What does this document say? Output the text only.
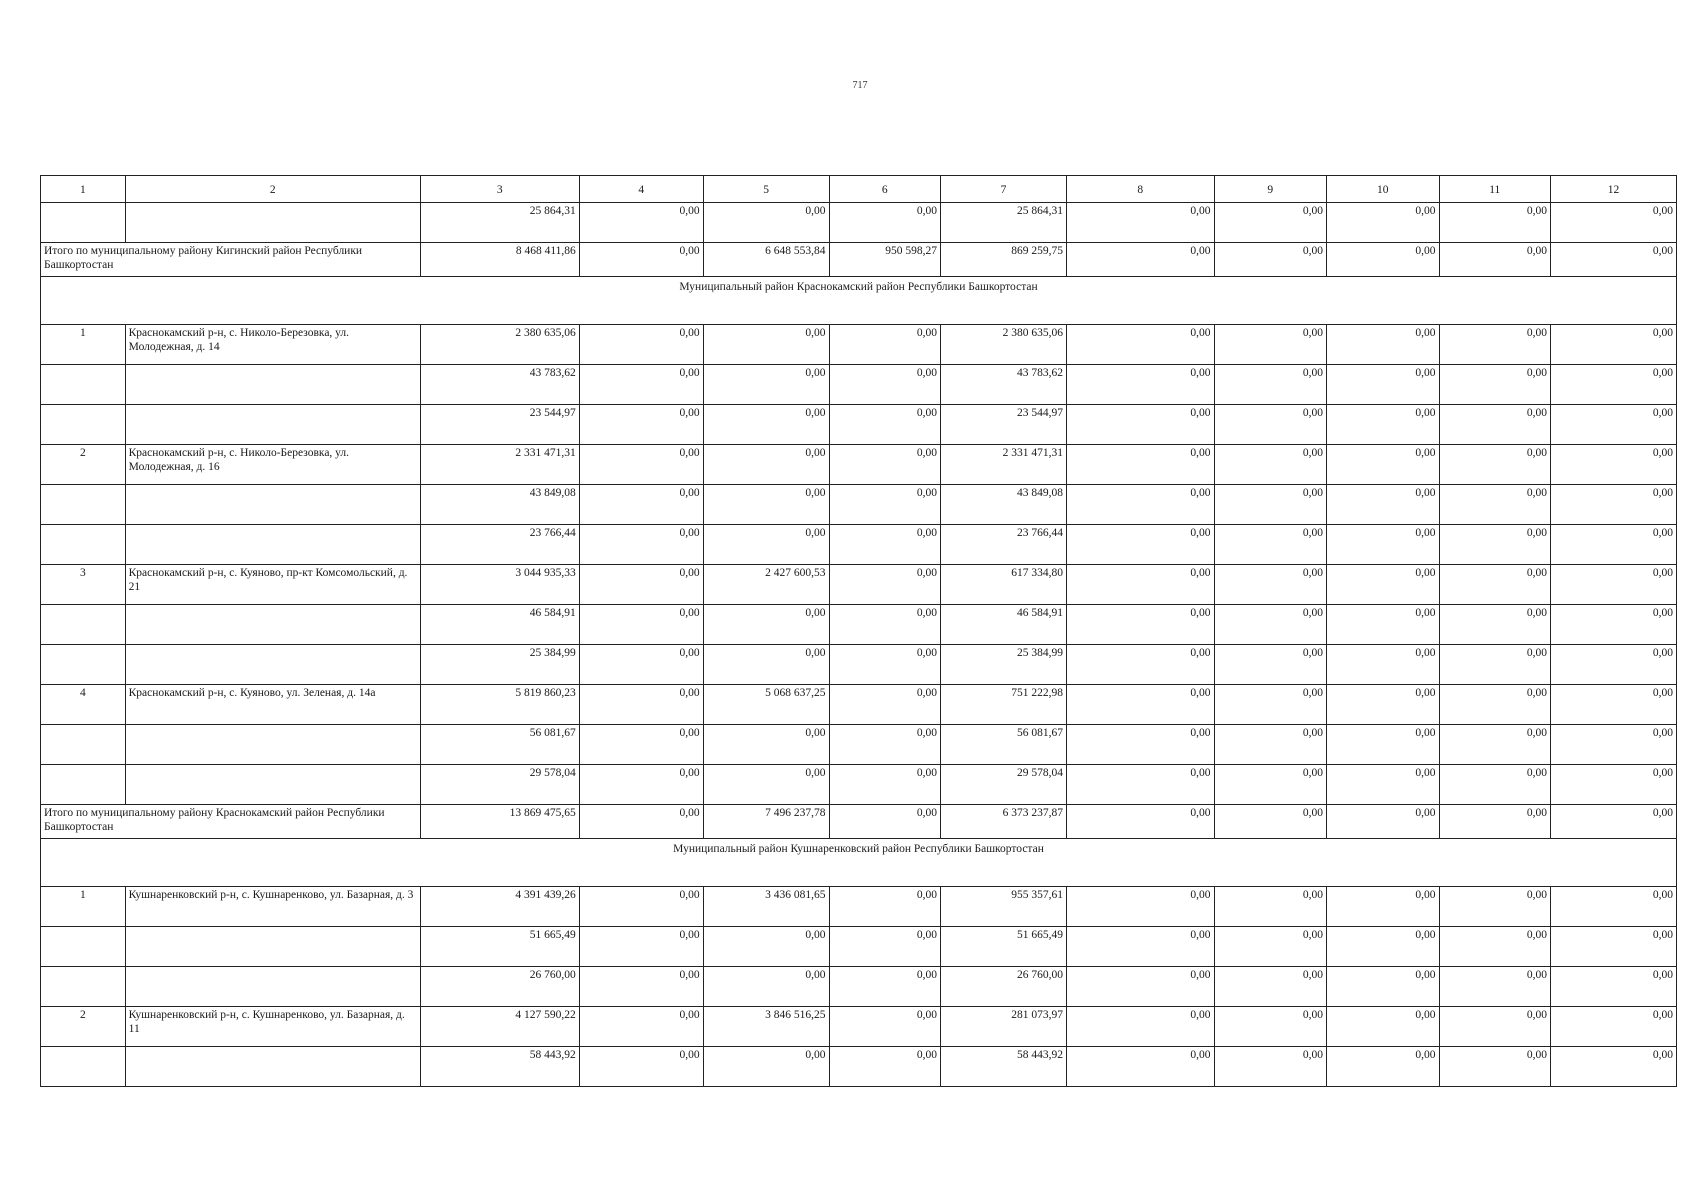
717
1	2	3	4	5	6	7	8	9	10	11	12
		25 864,31	0,00	0,00	0,00	25 864,31	0,00	0,00	0,00	0,00	0,00
Итого по муниципальному району Кигинский район Республики Башкортостан		8 468 411,86	0,00	6 648 553,84	950 598,27	869 259,75	0,00	0,00	0,00	0,00	0,00
Муниципальный район Краснокамский район Республики Башкортостан											
1	Краснокамский р-н, с. Николо-Березовка, ул. Молодежная, д. 14	2 380 635,06	0,00	0,00	0,00	2 380 635,06	0,00	0,00	0,00	0,00	0,00
		43 783,62	0,00	0,00	0,00	43 783,62	0,00	0,00	0,00	0,00	0,00
		23 544,97	0,00	0,00	0,00	23 544,97	0,00	0,00	0,00	0,00	0,00
2	Краснокамский р-н, с. Николо-Березовка, ул. Молодежная, д. 16	2 331 471,31	0,00	0,00	0,00	2 331 471,31	0,00	0,00	0,00	0,00	0,00
		43 849,08	0,00	0,00	0,00	43 849,08	0,00	0,00	0,00	0,00	0,00
		23 766,44	0,00	0,00	0,00	23 766,44	0,00	0,00	0,00	0,00	0,00
3	Краснокамский р-н, с. Куяново, пр-кт Комсомольский, д. 21	3 044 935,33	0,00	2 427 600,53	0,00	617 334,80	0,00	0,00	0,00	0,00	0,00
		46 584,91	0,00	0,00	0,00	46 584,91	0,00	0,00	0,00	0,00	0,00
		25 384,99	0,00	0,00	0,00	25 384,99	0,00	0,00	0,00	0,00	0,00
4	Краснокамский р-н, с. Куяново, ул. Зеленая, д. 14а	5 819 860,23	0,00	5 068 637,25	0,00	751 222,98	0,00	0,00	0,00	0,00	0,00
		56 081,67	0,00	0,00	0,00	56 081,67	0,00	0,00	0,00	0,00	0,00
		29 578,04	0,00	0,00	0,00	29 578,04	0,00	0,00	0,00	0,00	0,00
Итого по муниципальному району Краснокамский район Республики Башкортостан		13 869 475,65	0,00	7 496 237,78	0,00	6 373 237,87	0,00	0,00	0,00	0,00	0,00
Муниципальный район Кушнаренковский район Республики Башкортостан											
1	Кушнаренковский р-н, с. Кушнаренково, ул. Базарная, д. 3	4 391 439,26	0,00	3 436 081,65	0,00	955 357,61	0,00	0,00	0,00	0,00	0,00
		51 665,49	0,00	0,00	0,00	51 665,49	0,00	0,00	0,00	0,00	0,00
		26 760,00	0,00	0,00	0,00	26 760,00	0,00	0,00	0,00	0,00	0,00
2	Кушнаренковский р-н, с. Кушнаренково, ул. Базарная, д. 11	4 127 590,22	0,00	3 846 516,25	0,00	281 073,97	0,00	0,00	0,00	0,00	0,00
		58 443,92	0,00	0,00	0,00	58 443,92	0,00	0,00	0,00	0,00	0,00
